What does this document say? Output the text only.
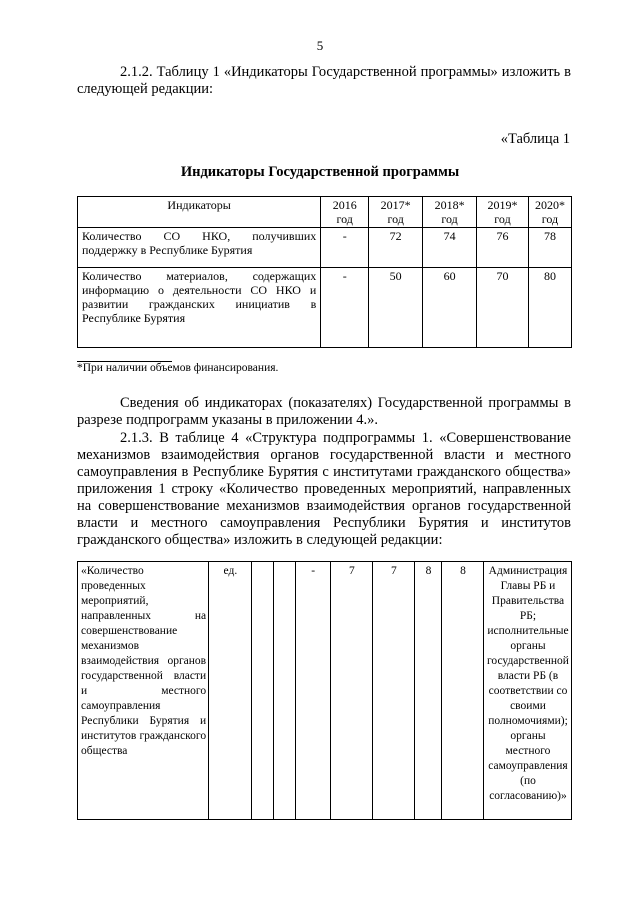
5

2.1.2. Таблицу 1 «Индикаторы Государственной программы» изложить в следующей редакции:

«Таблица 1
Индикаторы Государственной программы
Индикаторы	2016 год	2017* год	2018* год	2019* год	2020* год
Количество СО НКО, получивших поддержку в Республике Бурятия	-	72	74	76	78
Количество материалов, содержащих информацию о деятельности СО НКО и развитии гражданских инициатив в Республике Бурятия	-	50	60	70	80
*При наличии объемов финансирования.

Сведения об индикаторах (показателях) Государственной программы в разрезе подпрограмм указаны в приложении 4.».

2.1.3. В таблице 4 «Структура подпрограммы 1. «Совершенствование механизмов взаимодействия органов государственной власти и местного самоуправления в Республике Бурятия с институтами гражданского общества» приложения 1 строку «Количество проведенных мероприятий, направленных на совершенствование механизмов взаимодействия органов государственной власти и местного самоуправления Республики Бурятия и институтов гражданского общества» изложить в следующей редакции:

«Количество проведенных мероприятий, направленных на совершенствование механизмов взаимодействия органов государственной власти и местного самоуправления Республики Бурятия и институтов гражданского общества	ед.			-	7	7	8	8	Администрация Главы РБ и Правительства РБ; исполнительные органы государственной власти РБ (в соответствии со своими полномочиями); органы местного самоуправления (по согласованию)»
